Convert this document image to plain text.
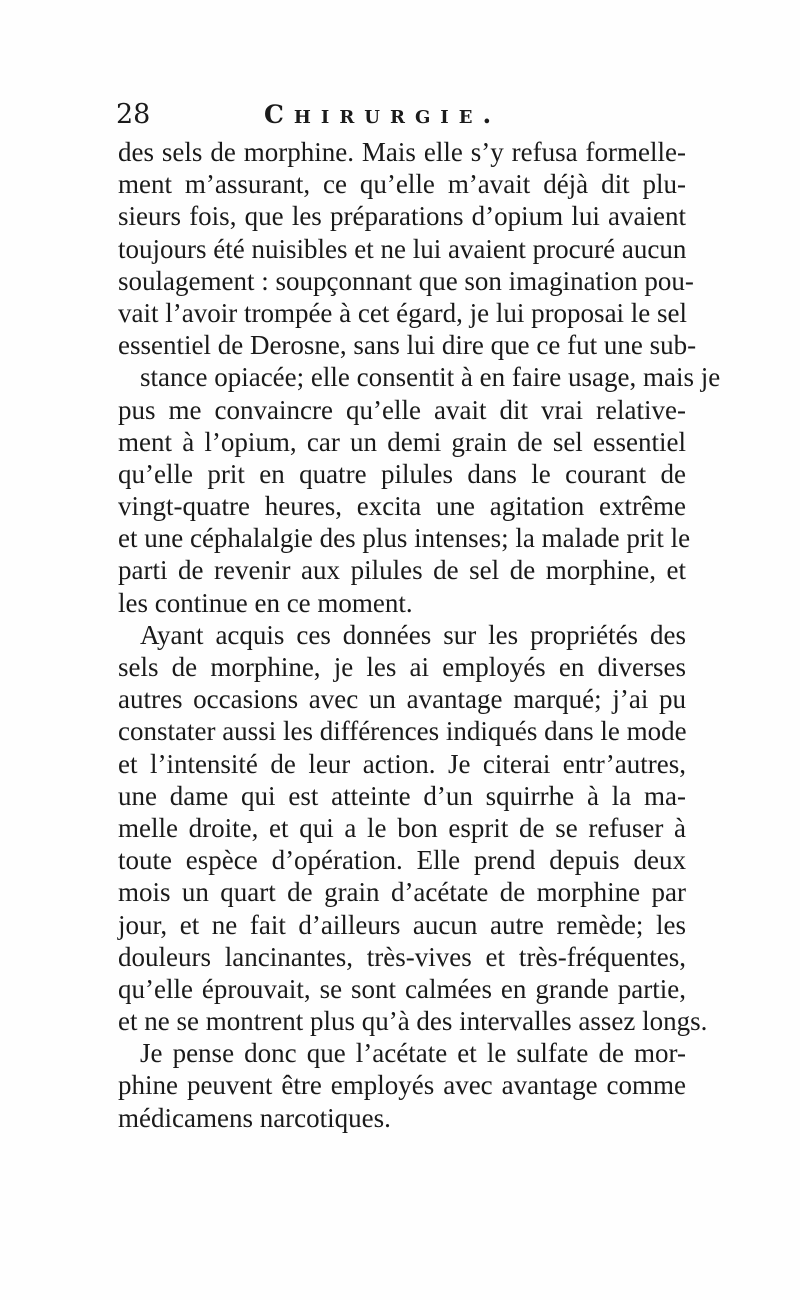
28	Chirurgie.
des sels de morphine. Mais elle s’y refusa formelle-
ment m’assurant, ce qu’elle m’avait déjà dit plu-
sieurs fois, que les préparations d’opium lui avaient
toujours été nuisibles et ne lui avaient procuré aucun
soulagement : soupçonnant que son imagination pou-
vait l’avoir trompée à cet égard, je lui proposai le sel
essentiel de Derosne, sans lui dire que ce fut une sub-
stance opiacée; elle consentit à en faire usage, mais je
pus me convaincre qu’elle avait dit vrai relative-
ment à l’opium, car un demi grain de sel essentiel
qu’elle prit en quatre pilules dans le courant de
vingt-quatre heures, excita une agitation extrême
et une céphalalgie des plus intenses; la malade prit le
parti de revenir aux pilules de sel de morphine, et
les continue en ce moment.
Ayant acquis ces données sur les propriétés des
sels de morphine, je les ai employés en diverses
autres occasions avec un avantage marqué; j’ai pu
constater aussi les différences indiqués dans le mode
et l’intensité de leur action. Je citerai entr’autres,
une dame qui est atteinte d’un squirrhe à la ma-
melle droite, et qui a le bon esprit de se refuser à
toute espèce d’opération. Elle prend depuis deux
mois un quart de grain d’acétate de morphine par
jour, et ne fait d’ailleurs aucun autre remède; les
douleurs lancinantes, très-vives et très-fréquentes,
qu’elle éprouvait, se sont calmées en grande partie,
et ne se montrent plus qu’à des intervalles assez longs.
Je pense donc que l’acétate et le sulfate de mor-
phine peuvent être employés avec avantage comme
médicamens narcotiques.
